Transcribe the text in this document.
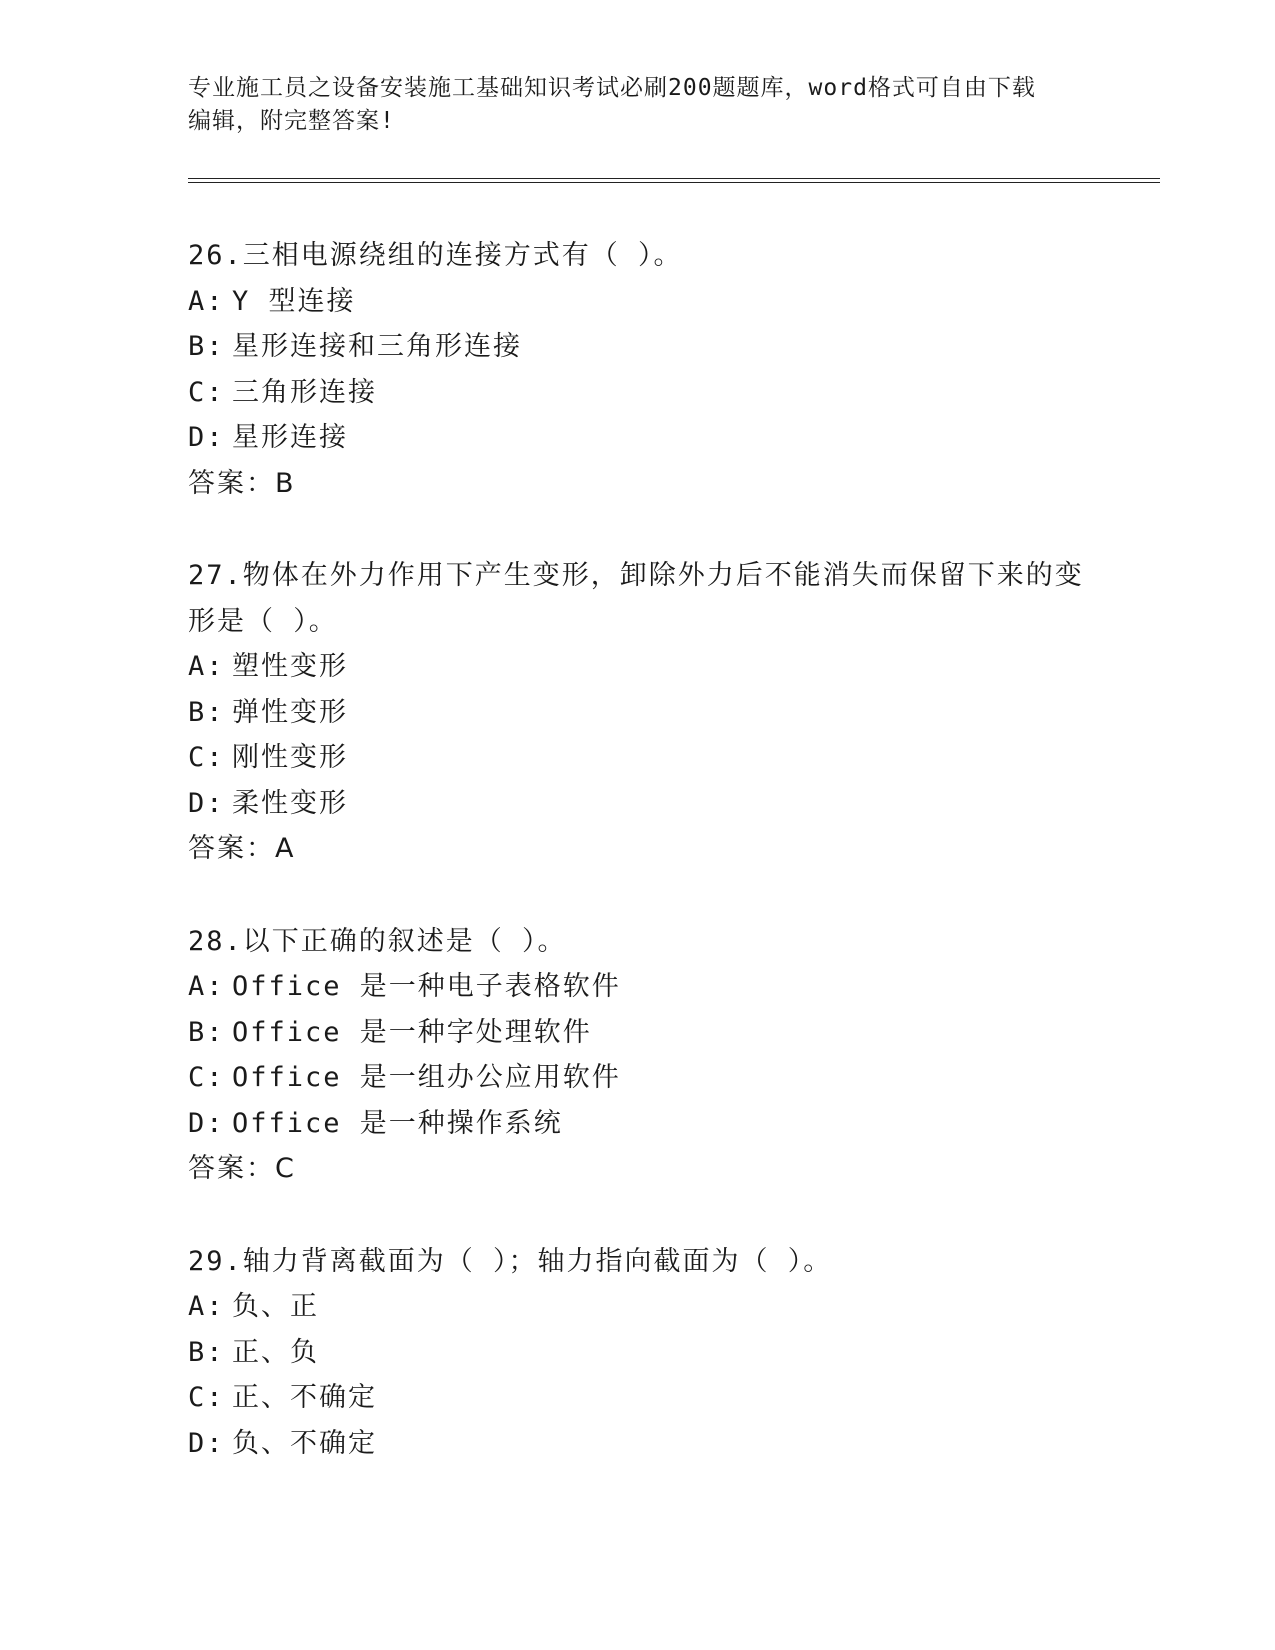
专业施工员之设备安装施工基础知识考试必刷200题题库，word格式可自由下载

编辑，附完整答案!

26.三相电源绕组的连接方式有（ ）。

A: Y 型连接

B: 星形连接和三角形连接

C: 三角形连接

D: 星形连接

答案：B

27.物体在外力作用下产生变形，卸除外力后不能消失而保留下来的变

形是（ ）。

A: 塑性变形

B: 弹性变形

C: 刚性变形

D: 柔性变形

答案：A

28.以下正确的叙述是（ ）。

A: Office 是一种电子表格软件

B: Office 是一种字处理软件

C: Office 是一组办公应用软件

D: Office 是一种操作系统

答案：C

29.轴力背离截面为（ ）；轴力指向截面为（ ）。

A: 负、正

B: 正、负

C: 正、不确定

D: 负、不确定
